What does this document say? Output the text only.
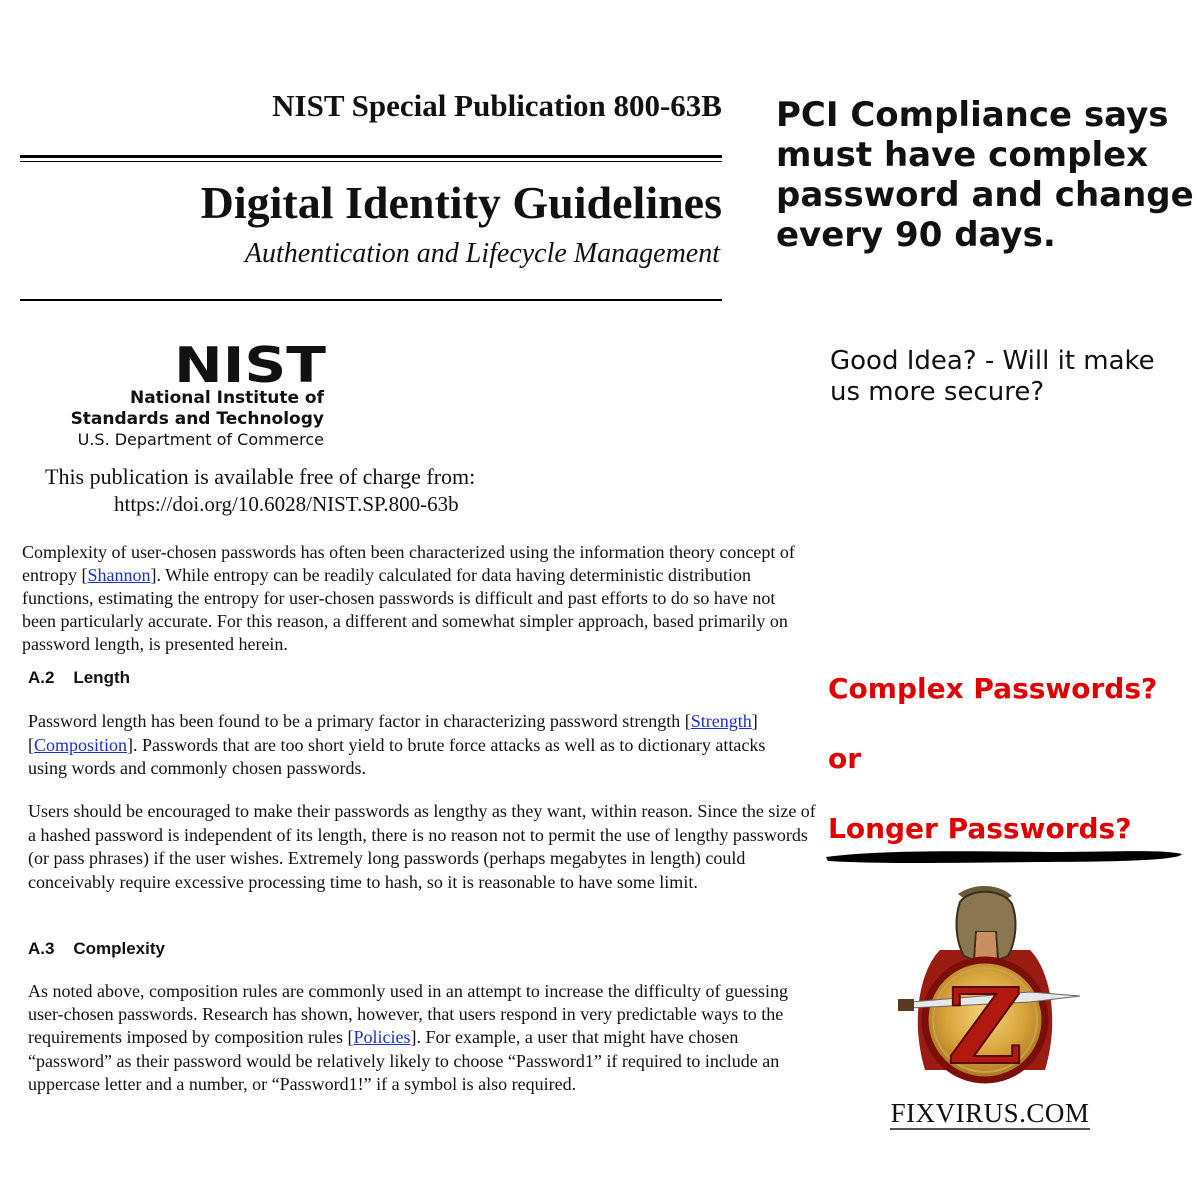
NIST Special Publication 800-63B
Digital Identity Guidelines
Authentication and Lifecycle Management
NIST
National Institute of
Standards and Technology
U.S. Department of Commerce
This publication is available free of charge from:
https://doi.org/10.6028/NIST.SP.800-63b
Complexity of user-chosen passwords has often been characterized using the information theory concept of entropy [Shannon]. While entropy can be readily calculated for data having deterministic distribution functions, estimating the entropy for user-chosen passwords is difficult and past efforts to do so have not been particularly accurate. For this reason, a different and somewhat simpler approach, based primarily on password length, is presented herein.
A.2    Length
Password length has been found to be a primary factor in characterizing password strength [Strength] [Composition]. Passwords that are too short yield to brute force attacks as well as to dictionary attacks using words and commonly chosen passwords.
Users should be encouraged to make their passwords as lengthy as they want, within reason. Since the size of a hashed password is independent of its length, there is no reason not to permit the use of lengthy passwords (or pass phrases) if the user wishes. Extremely long passwords (perhaps megabytes in length) could conceivably require excessive processing time to hash, so it is reasonable to have some limit.
A.3    Complexity
As noted above, composition rules are commonly used in an attempt to increase the difficulty of guessing user-chosen passwords. Research has shown, however, that users respond in very predictable ways to the requirements imposed by composition rules [Policies]. For example, a user that might have chosen “password” as their password would be relatively likely to choose “Password1” if required to include an uppercase letter and a number, or “Password1!” if a symbol is also required.
PCI Compliance says must have complex password and change every 90 days.
Good Idea? - Will it make us more secure?
Complex Passwords?
or
Longer Passwords?
Z
FIXVIRUS.COM
